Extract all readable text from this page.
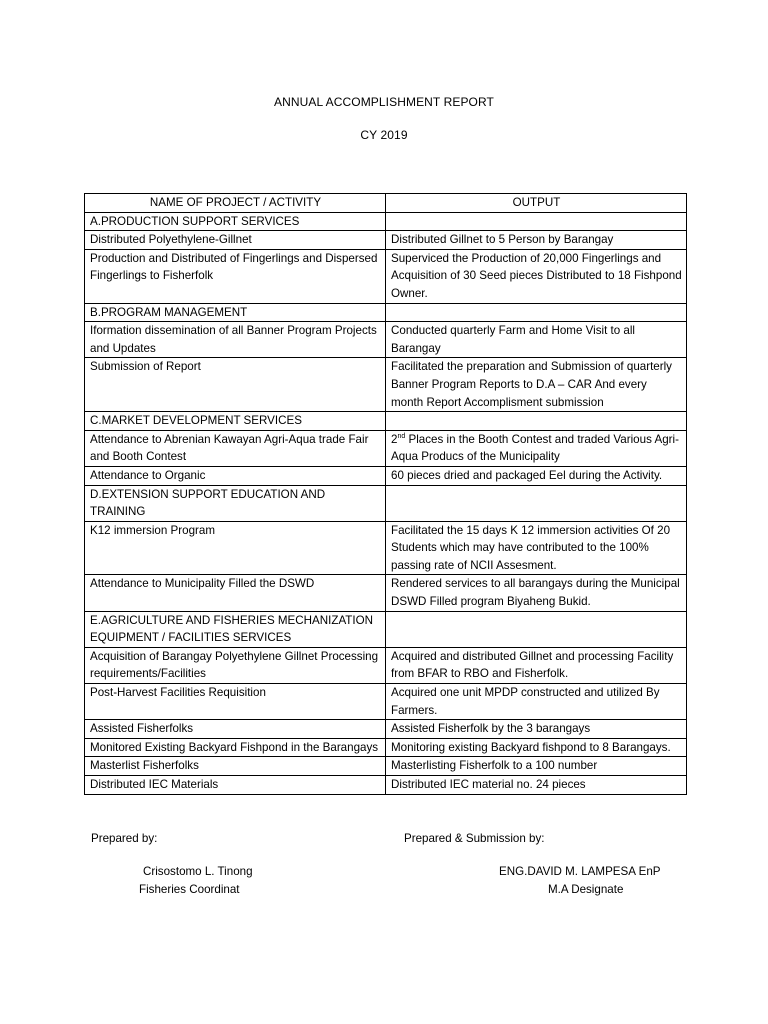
ANNUAL ACCOMPLISHMENT REPORT
CY 2019
NAME OF PROJECT / ACTIVITY	OUTPUT
A.PRODUCTION SUPPORT SERVICES	
Distributed Polyethylene-Gillnet	Distributed Gillnet to 5 Person by Barangay
Production and Distributed of Fingerlings and Dispersed Fingerlings to Fisherfolk	Superviced the Production of 20,000 Fingerlings and Acquisition of 30 Seed pieces Distributed to 18 Fishpond Owner.
B.PROGRAM MANAGEMENT	
Iformation dissemination of all Banner Program Projects and Updates	Conducted quarterly Farm and Home Visit to all Barangay
Submission of Report	Facilitated the preparation and Submission of quarterly Banner Program Reports to D.A – CAR And every month Report Accomplisment submission
C.MARKET DEVELOPMENT SERVICES	
Attendance to Abrenian Kawayan Agri-Aqua trade Fair and Booth Contest	2nd Places in the Booth Contest and traded Various Agri-Aqua Producs of the Municipality
Attendance to Organic	60 pieces dried and packaged Eel during the Activity.
D.EXTENSION SUPPORT EDUCATION AND TRAINING	
K12 immersion Program	Facilitated the 15 days K 12 immersion activities Of 20 Students which may have contributed to the 100% passing rate of NCII Assesment.
Attendance to Municipality Filled the DSWD	Rendered services to all barangays during the Municipal DSWD Filled program Biyaheng Bukid.
E.AGRICULTURE AND FISHERIES MECHANIZATION EQUIPMENT / FACILITIES SERVICES	
Acquisition of Barangay Polyethylene Gillnet Processing requirements/Facilities	Acquired and distributed Gillnet and processing Facility from BFAR to RBO and Fisherfolk.
Post-Harvest Facilities Requisition	Acquired one unit MPDP constructed and utilized By Farmers.
Assisted Fisherfolks	Assisted Fisherfolk by the 3 barangays
Monitored Existing Backyard Fishpond in the Barangays	Monitoring existing Backyard fishpond to 8 Barangays.
Masterlist Fisherfolks	Masterlisting Fisherfolk to a 100 number
Distributed IEC Materials	Distributed IEC material no. 24 pieces
Prepared by:	Prepared & Submission by:
Crisostomo L. Tinong
Fisheries Coordinat
ENG.DAVID M. LAMPESA EnP
M.A Designate
